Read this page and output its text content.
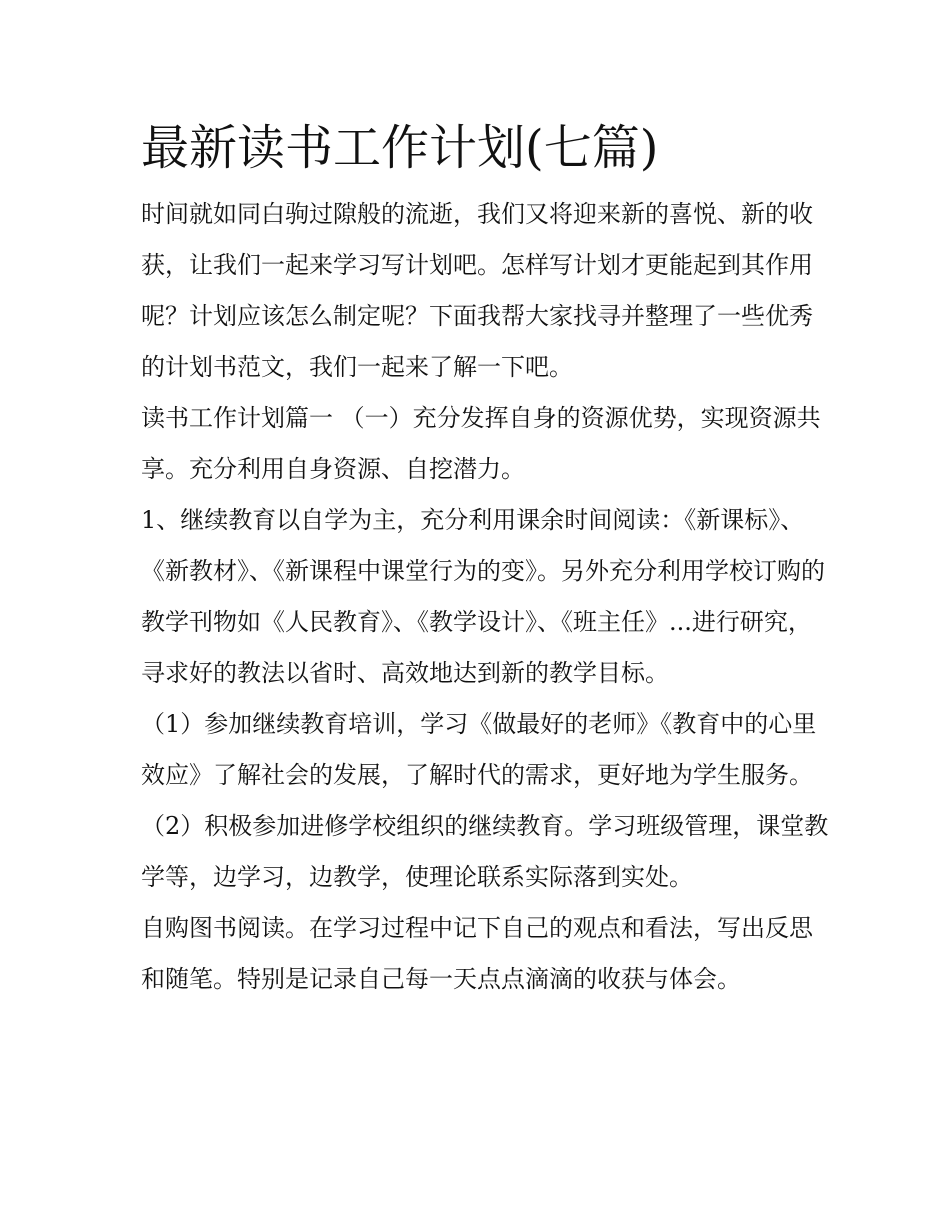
最新读书工作计划(七篇)

时间就如同白驹过隙般的流逝，我们又将迎来新的喜悦、新的收获，让我们一起来学习写计划吧。怎样写计划才更能起到其作用呢？计划应该怎么制定呢？下面我帮大家找寻并整理了一些优秀的计划书范文，我们一起来了解一下吧。

读书工作计划篇一 （一）充分发挥自身的资源优势，实现资源共享。充分利用自身资源、自挖潜力。

1、继续教育以自学为主，充分利用课余时间阅读：《新课标》、《新教材》、《新课程中课堂行为的变》。另外充分利用学校订购的教学刊物如《人民教育》、《教学设计》、《班主任》...进行研究，寻求好的教法以省时、高效地达到新的教学目标。

（1）参加继续教育培训，学习《做最好的老师》《教育中的心里效应》了解社会的发展，了解时代的需求，更好地为学生服务。

（2）积极参加进修学校组织的继续教育。学习班级管理，课堂教学等，边学习，边教学，使理论联系实际落到实处。

自购图书阅读。在学习过程中记下自己的观点和看法，写出反思和随笔。特别是记录自己每一天点点滴滴的收获与体会。
